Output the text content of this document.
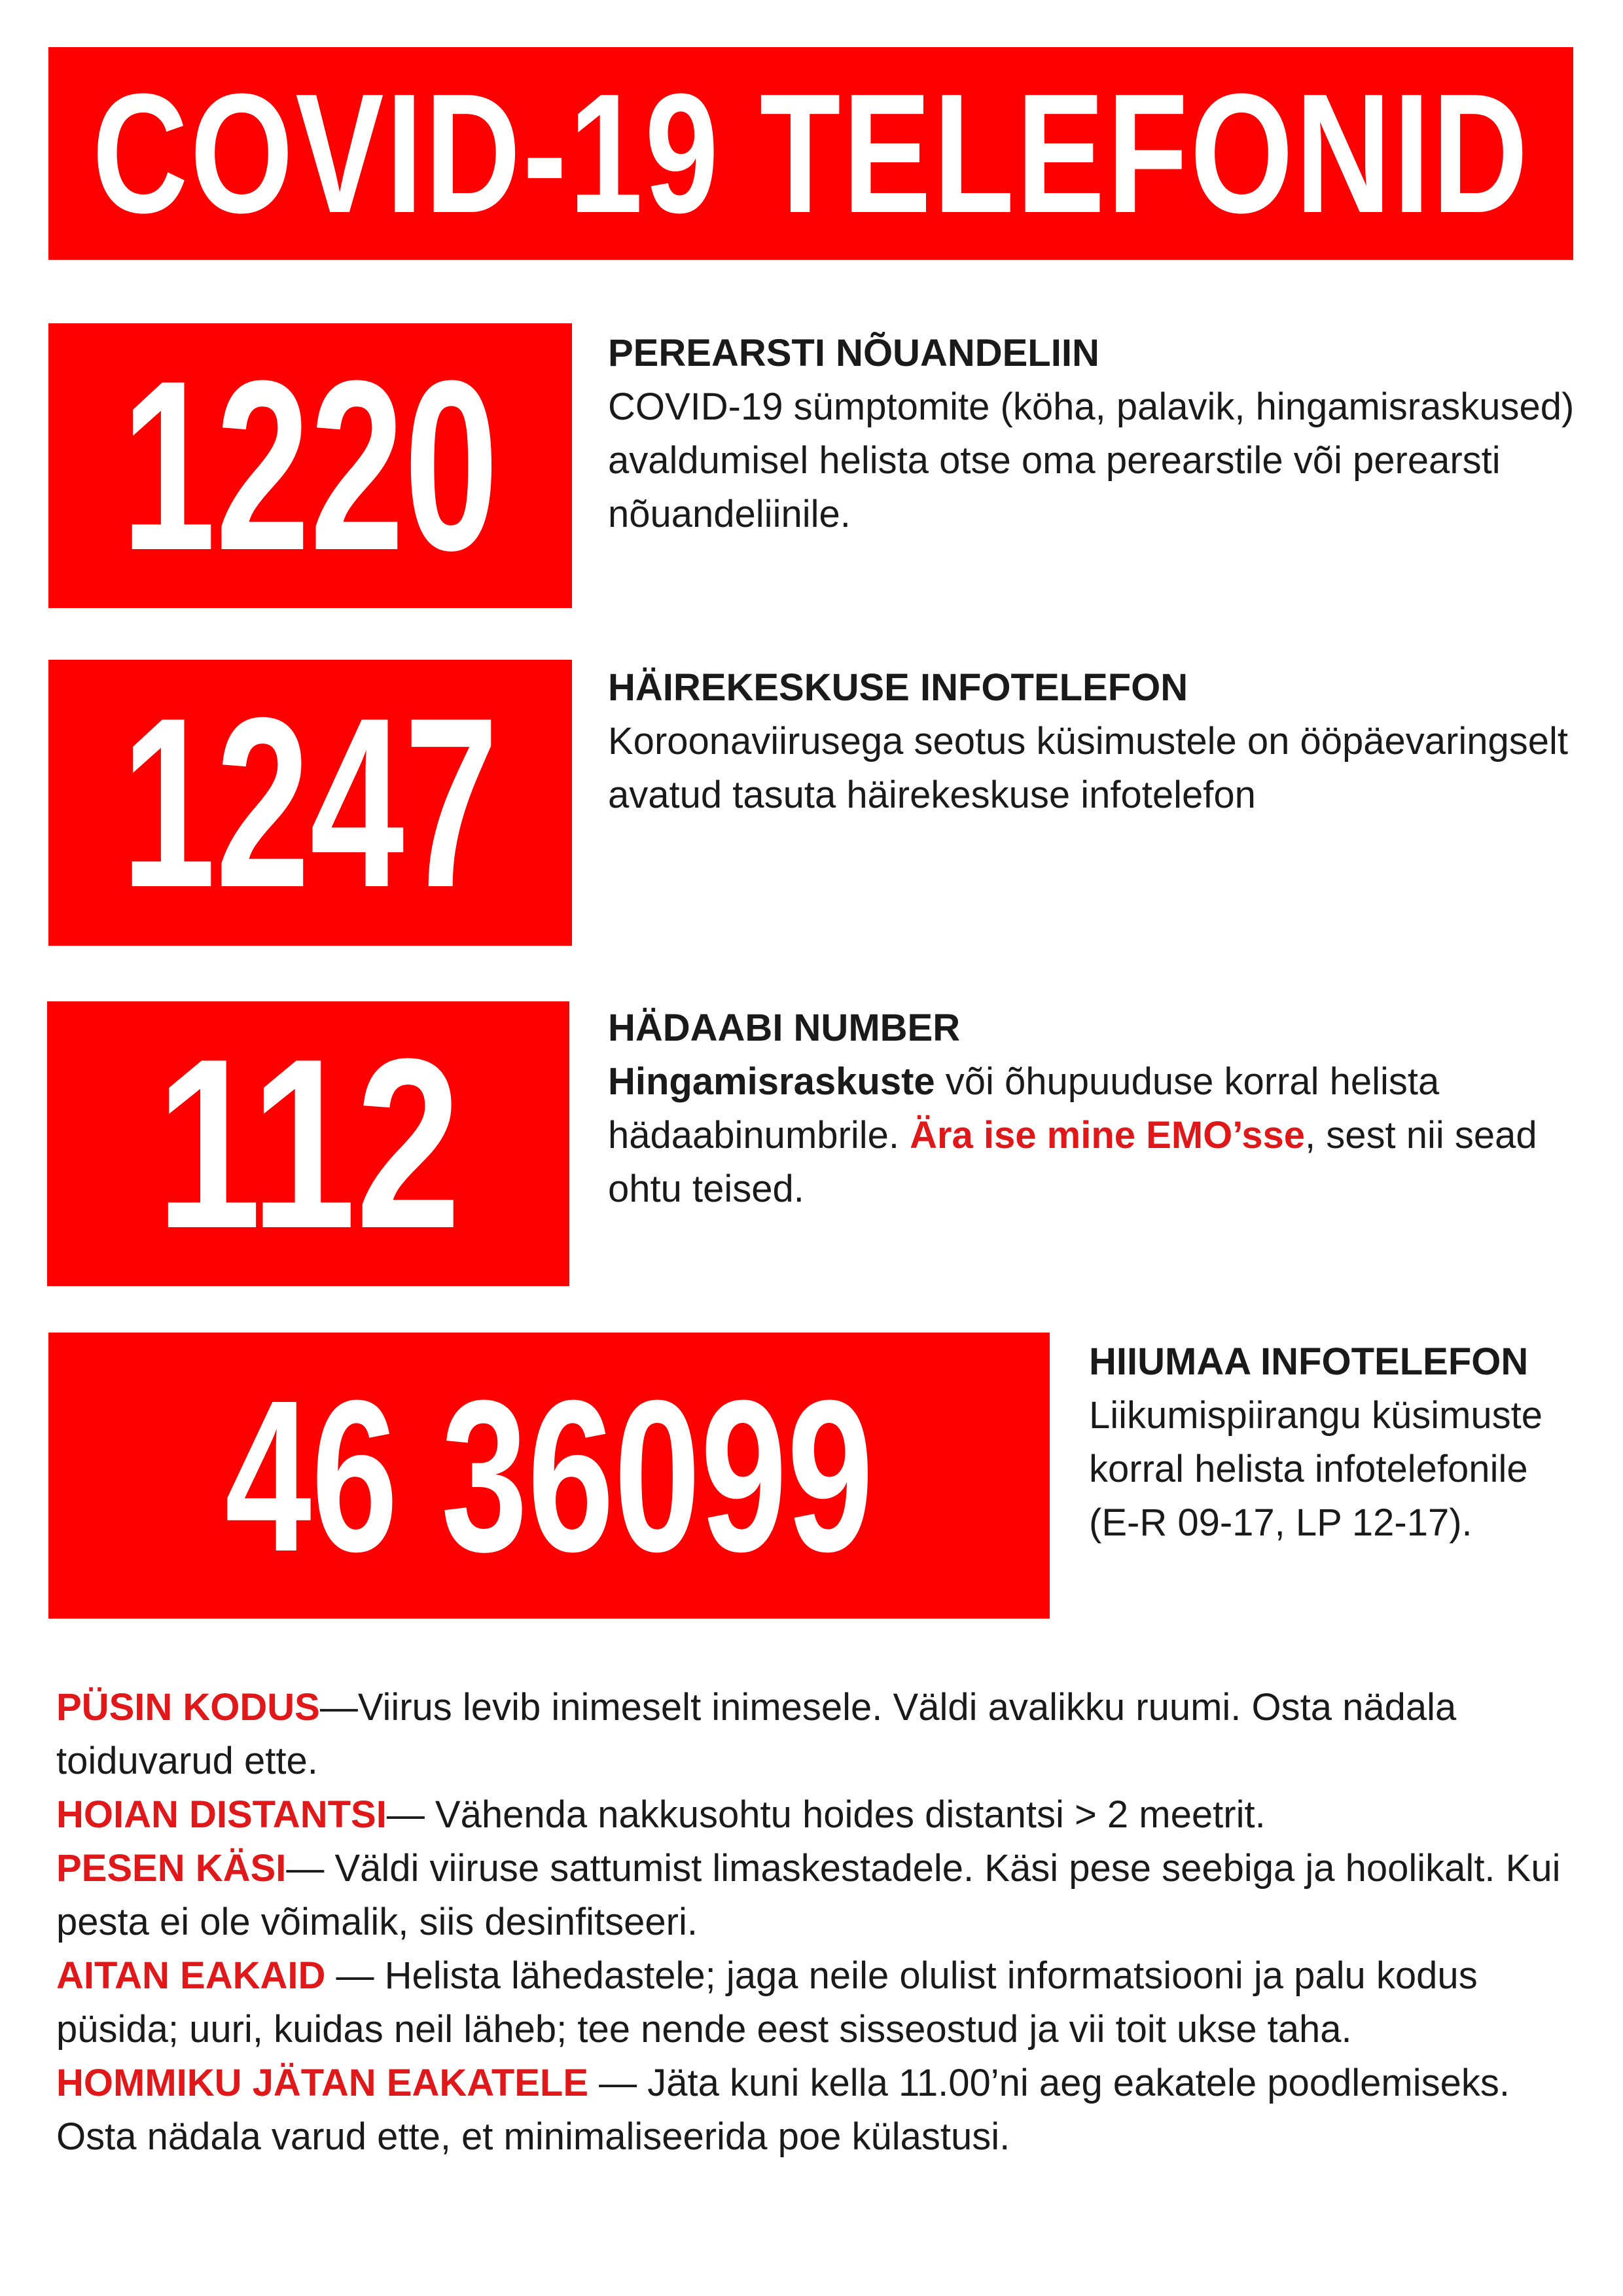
COVID-19 TELEFONID
1220	PEREARSTI NÕUANDELIIN
COVID-19 sümptomite (köha, palavik, hingamisraskused) avaldumisel helista otse oma perearstile või perearsti nõuandeliinile.
1247	HÄIREKESKUSE INFOTELEFON
Koroonaviirusega seotus küsimustele on ööpäevaringselt avatud tasuta häirekeskuse infotelefon
112	HÄDAABI NUMBER
Hingamisraskuste või õhupuuduse korral helista hädaabinumbrile. Ära ise mine EMO’sse, sest nii sead ohtu teised.
46 36099	HIIUMAA INFOTELEFON
Liikumispiirangu küsimuste korral helista infotelefonile (E-R 09-17, LP 12-17).
PÜSIN KODUS—Viirus levib inimeselt inimesele. Väldi avalikku ruumi. Osta nädala toiduvarud ette.
HOIAN DISTANTSI— Vähenda nakkusohtu hoides distantsi > 2 meetrit.
PESEN KÄSI— Väldi viiruse sattumist limaskestadele. Käsi pese seebiga ja hoolikalt. Kui pesta ei ole võimalik, siis desinfitseeri.
AITAN EAKAID — Helista lähedastele; jaga neile olulist informatsiooni ja palu kodus püsida; uuri, kuidas neil läheb; tee nende eest sisseostud ja vii toit ukse taha.
HOMMIKU JÄTAN EAKATELE — Jäta kuni kella 11.00’ni aeg eakatele poodlemiseks. Osta nädala varud ette, et minimaliseerida poe külastusi.
